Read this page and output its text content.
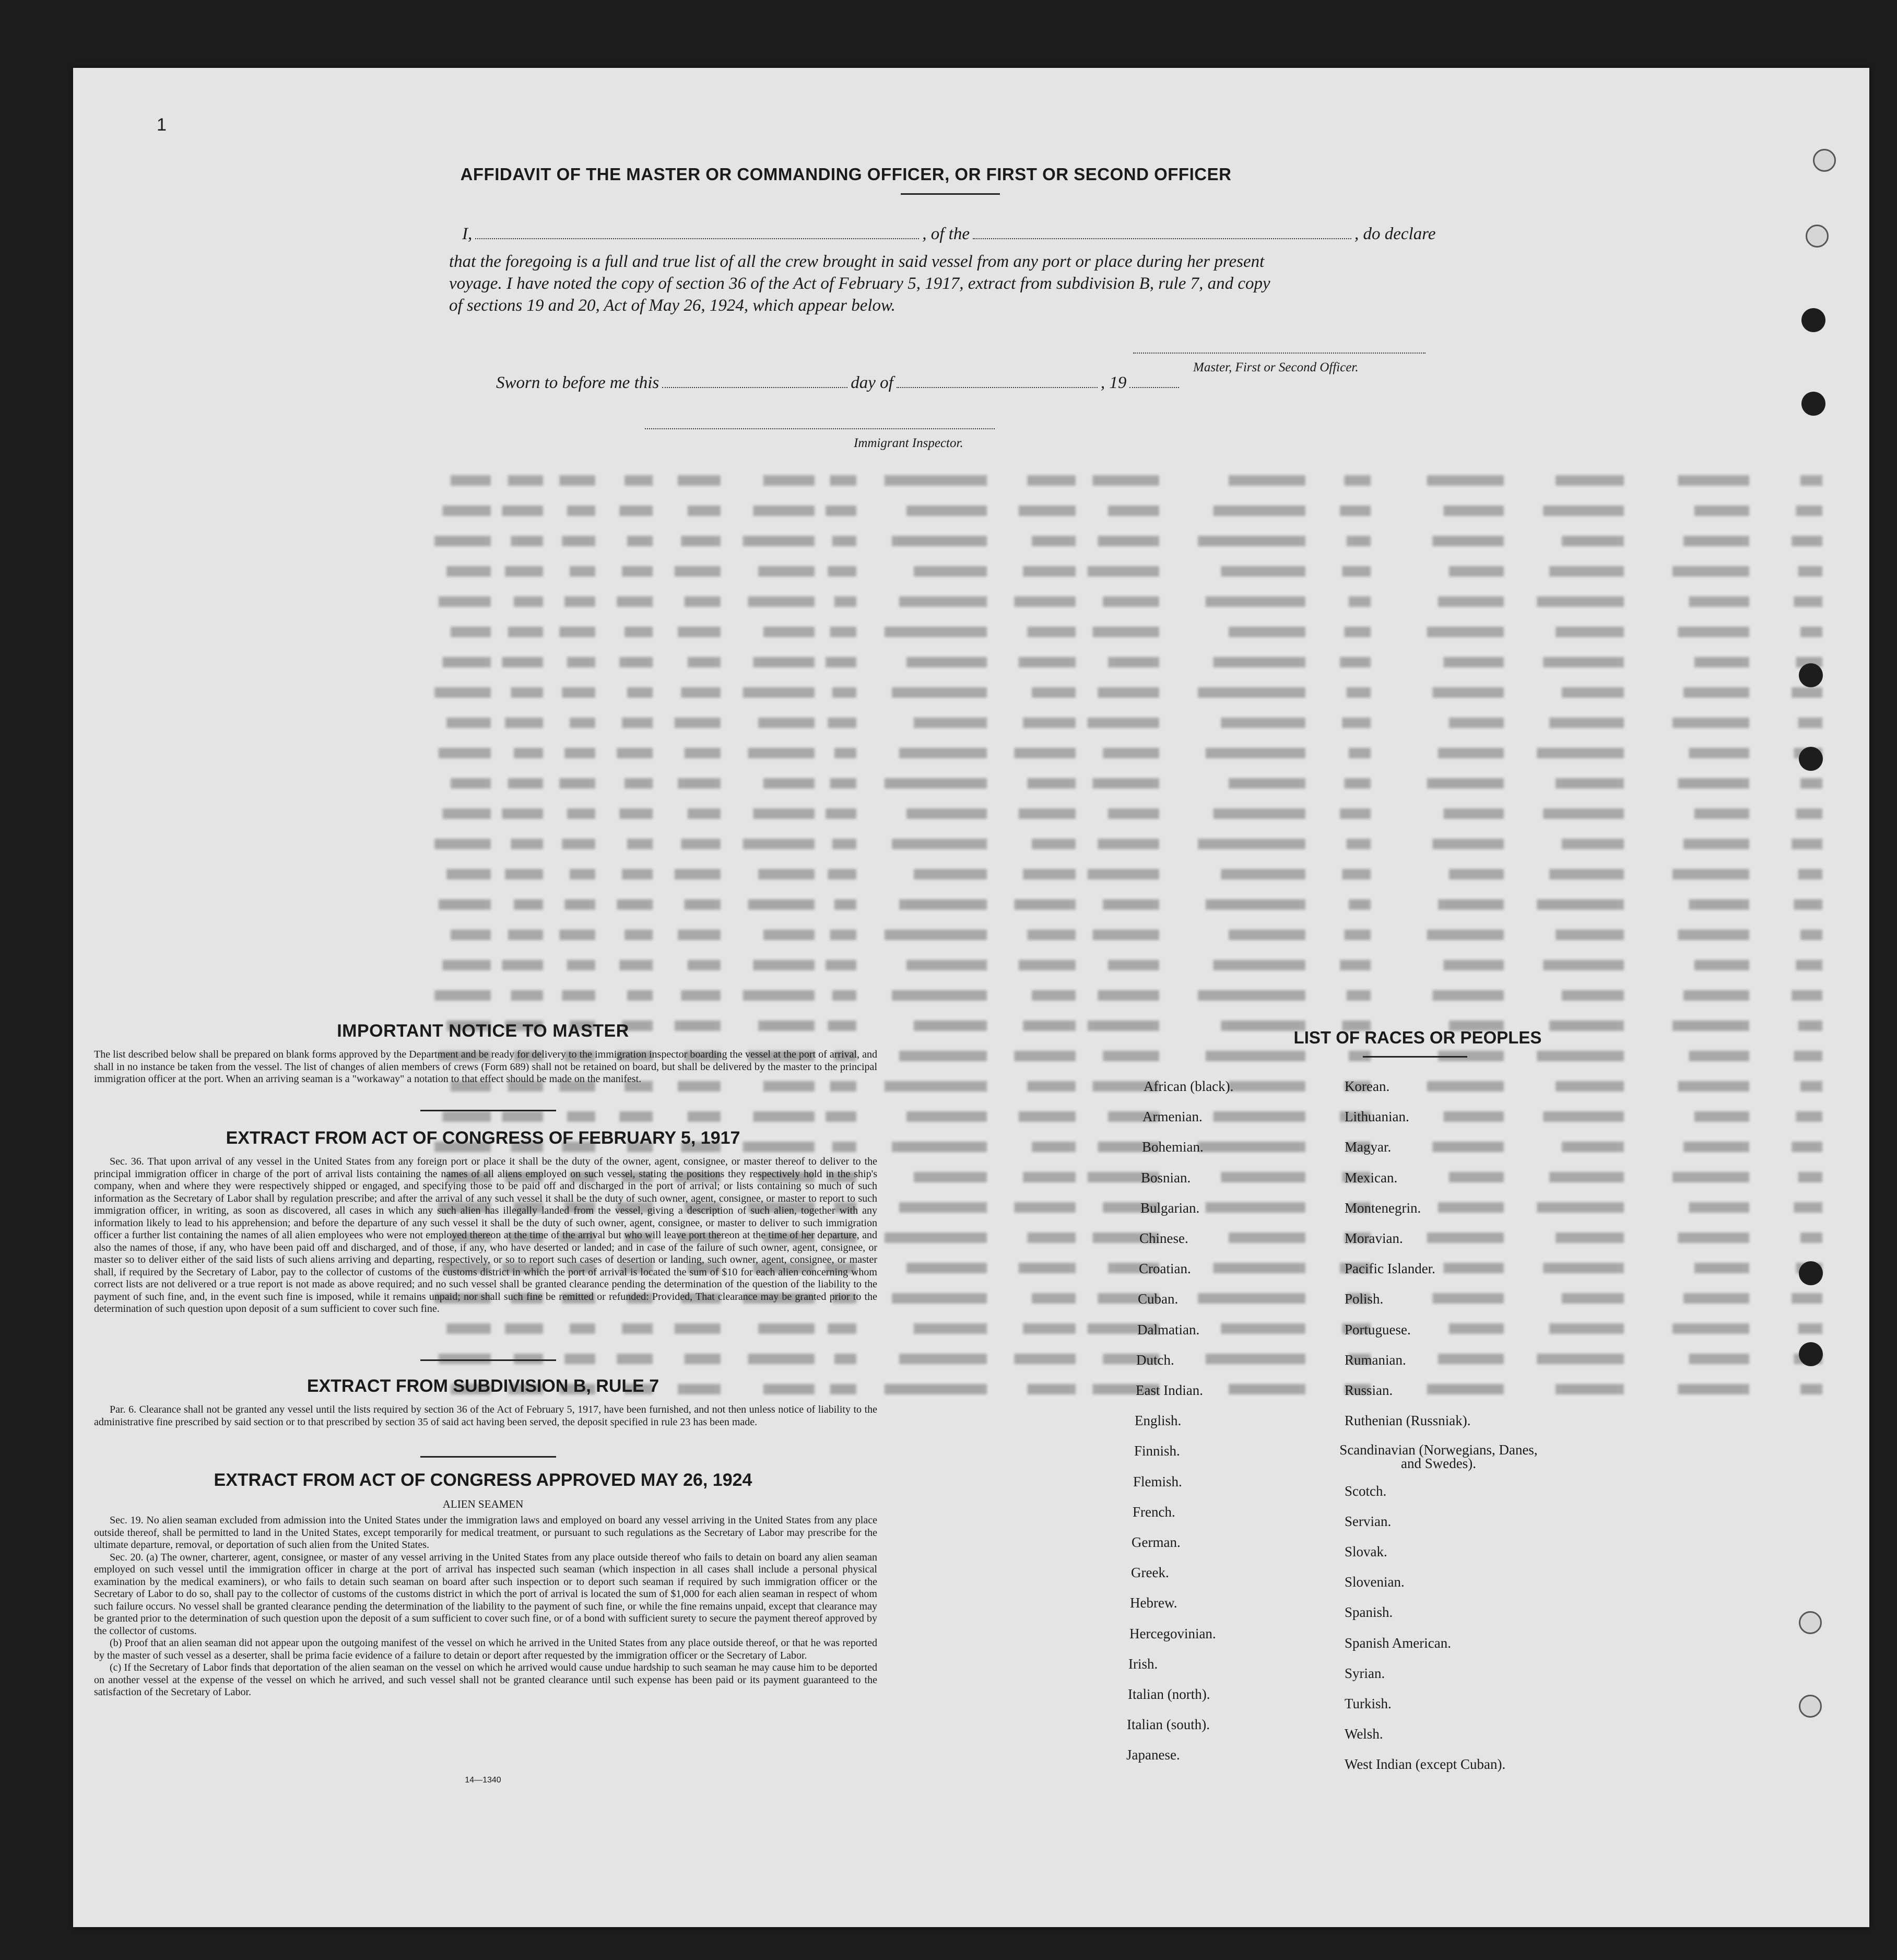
1
AFFIDAVIT OF THE MASTER OR COMMANDING OFFICER, OR FIRST OR SECOND OFFICER
I,	, of the	, do declare
that the foregoing is a full and true list of all the crew brought in said vessel from any port or place during her present
voyage. I have noted the copy of section 36 of the Act of February 5, 1917, extract from subdivision B, rule 7, and copy
of sections 19 and 20, Act of May 26, 1924, which appear below.
Master, First or Second Officer.
Sworn to before me this	day of	, 19
Immigrant Inspector.
IMPORTANT NOTICE TO MASTER
The list described below shall be prepared on blank forms approved by the Department and be ready for delivery to the immigration inspector boarding the vessel at the port of arrival, and shall in no instance be taken from the vessel. The list of changes of alien members of crews (Form 689) shall not be retained on board, but shall be delivered by the master to the principal immigration officer at the port. When an arriving seaman is a "workaway" a notation to that effect should be made on the manifest.
EXTRACT FROM ACT OF CONGRESS OF FEBRUARY 5, 1917
Sec. 36. That upon arrival of any vessel in the United States from any foreign port or place it shall be the duty of the owner, agent, consignee, or master thereof to deliver to the principal immigration officer in charge of the port of arrival lists containing the names of all aliens employed on such vessel, stating the positions they respectively hold in the ship's company, when and where they were respectively shipped or engaged, and specifying those to be paid off and discharged in the port of arrival; or lists containing so much of such information as the Secretary of Labor shall by regulation prescribe; and after the arrival of any such vessel it shall be the duty of such owner, agent, consignee, or master to report to such immigration officer, in writing, as soon as discovered, all cases in which any such alien has illegally landed from the vessel, giving a description of such alien, together with any information likely to lead to his apprehension; and before the departure of any such vessel it shall be the duty of such owner, agent, consignee, or master to deliver to such immigration officer a further list containing the names of all alien employees who were not employed thereon at the time of the arrival but who will leave port thereon at the time of her departure, and also the names of those, if any, who have been paid off and discharged, and of those, if any, who have deserted or landed; and in case of the failure of such owner, agent, consignee, or master so to deliver either of the said lists of such aliens arriving and departing, respectively, or so to report such cases of desertion or landing, such owner, agent, consignee, or master shall, if required by the Secretary of Labor, pay to the collector of customs of the customs district in which the port of arrival is located the sum of $10 for each alien concerning whom correct lists are not delivered or a true report is not made as above required; and no such vessel shall be granted clearance pending the determination of the question of the liability to the payment of such fine, and, in the event such fine is imposed, while it remains unpaid; nor shall such fine be remitted or refunded: Provided, That clearance may be granted prior to the determination of such question upon deposit of a sum sufficient to cover such fine.
EXTRACT FROM SUBDIVISION B, RULE 7
Par. 6. Clearance shall not be granted any vessel until the lists required by section 36 of the Act of February 5, 1917, have been furnished, and not then unless notice of liability to the administrative fine prescribed by said section or to that prescribed by section 35 of said act having been served, the deposit specified in rule 23 has been made.
EXTRACT FROM ACT OF CONGRESS APPROVED MAY 26, 1924
ALIEN SEAMEN
Sec. 19. No alien seaman excluded from admission into the United States under the immigration laws and employed on board any vessel arriving in the United States from any place outside thereof, shall be permitted to land in the United States, except temporarily for medical treatment, or pursuant to such regulations as the Secretary of Labor may prescribe for the ultimate departure, removal, or deportation of such alien from the United States.
Sec. 20. (a) The owner, charterer, agent, consignee, or master of any vessel arriving in the United States from any place outside thereof who fails to detain on board any alien seaman employed on such vessel until the immigration officer in charge at the port of arrival has inspected such seaman (which inspection in all cases shall include a personal physical examination by the medical examiners), or who fails to detain such seaman on board after such inspection or to deport such seaman if required by such immigration officer or the Secretary of Labor to do so, shall pay to the collector of customs of the customs district in which the port of arrival is located the sum of $1,000 for each alien seaman in respect of whom such failure occurs. No vessel shall be granted clearance pending the determination of the liability to the payment of such fine, or while the fine remains unpaid, except that clearance may be granted prior to the determination of such question upon the deposit of a sum sufficient to cover such fine, or of a bond with sufficient surety to secure the payment thereof approved by the collector of customs.
(b) Proof that an alien seaman did not appear upon the outgoing manifest of the vessel on which he arrived in the United States from any place outside thereof, or that he was reported by the master of such vessel as a deserter, shall be prima facie evidence of a failure to detain or deport after requested by the immigration officer or the Secretary of Labor.
(c) If the Secretary of Labor finds that deportation of the alien seaman on the vessel on which he arrived would cause undue hardship to such seaman he may cause him to be deported on another vessel at the expense of the vessel on which he arrived, and such vessel shall not be granted clearance until such expense has been paid or its payment guaranteed to the satisfaction of the Secretary of Labor.
14—1340
LIST OF RACES OR PEOPLES
African (black).
Armenian.
Bohemian.
Bosnian.
Bulgarian.
Chinese.
Croatian.
Cuban.
Dalmatian.
Dutch.
East Indian.
English.
Finnish.
Flemish.
French.
German.
Greek.
Hebrew.
Hercegovinian.
Irish.
Italian (north).
Italian (south).
Japanese.
Korean.
Lithuanian.
Magyar.
Mexican.
Montenegrin.
Moravian.
Pacific Islander.
Polish.
Portuguese.
Rumanian.
Russian.
Ruthenian (Russniak).
Scandinavian (Norwegians, Danes, and Swedes).
Scotch.
Servian.
Slovak.
Slovenian.
Spanish.
Spanish American.
Syrian.
Turkish.
Welsh.
West Indian (except Cuban).
